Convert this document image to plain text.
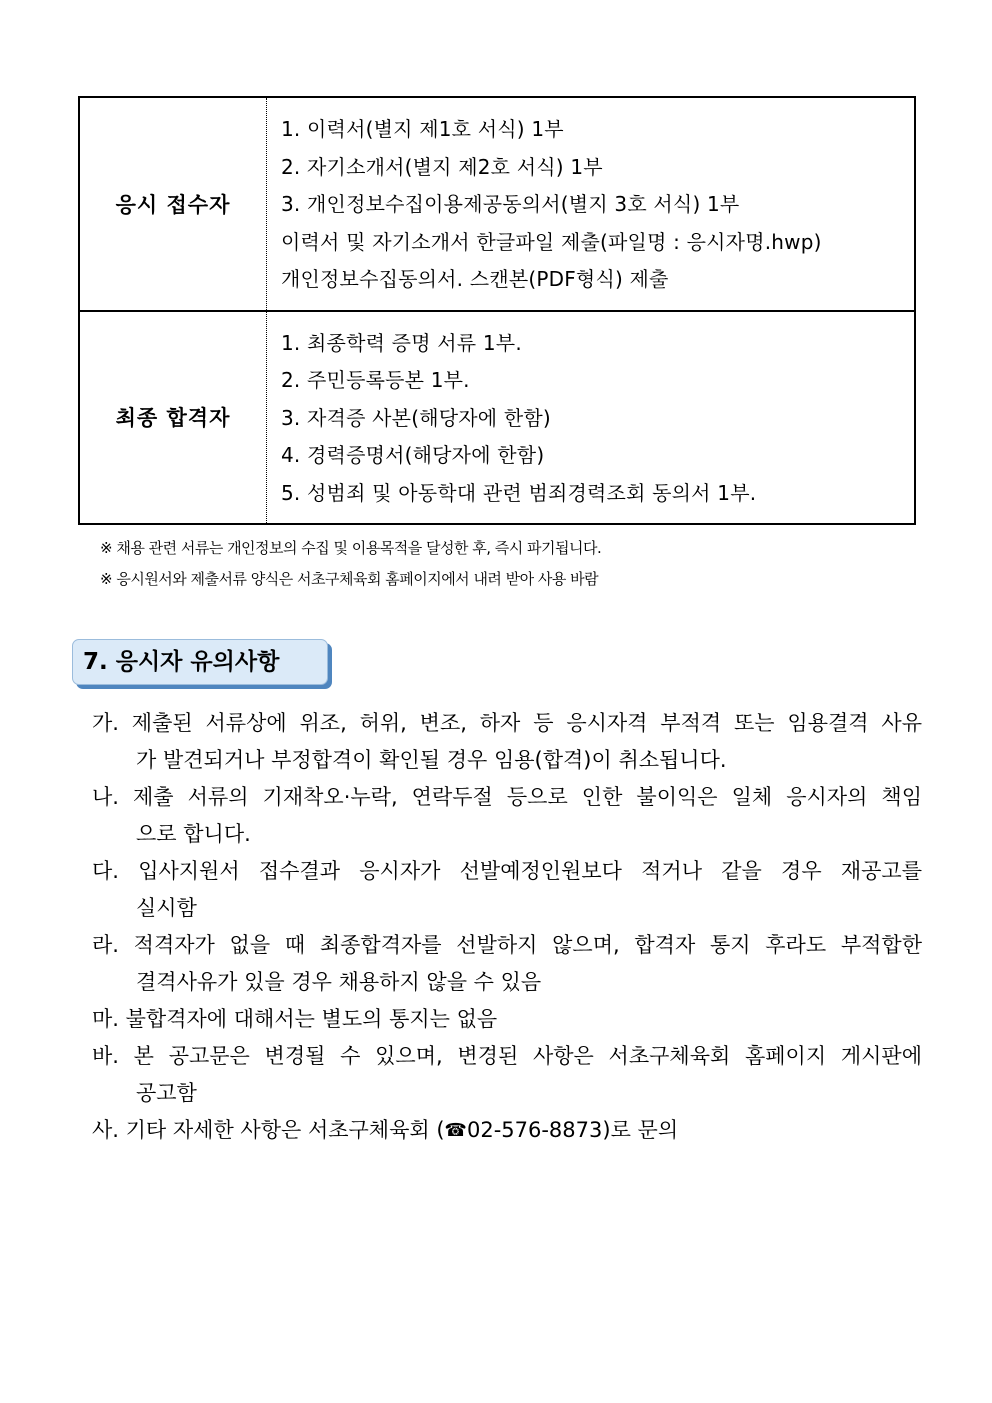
응시 접수자	1. 이력서(별지 제1호 서식) 1부
2. 자기소개서(별지 제2호 서식) 1부
3. 개인정보수집이용제공동의서(별지 3호 서식) 1부
이력서 및 자기소개서 한글파일 제출(파일명 : 응시자명.hwp)
개인정보수집동의서. 스캔본(PDF형식) 제출

최종 합격자	1. 최종학력 증명 서류 1부.
2. 주민등록등본 1부.
3. 자격증 사본(해당자에 한함)
4. 경력증명서(해당자에 한함)
5. 성범죄 및 아동학대 관련 범죄경력조회 동의서 1부.
※ 채용 관련 서류는 개인정보의 수집 및 이용목적을 달성한 후, 즉시 파기됩니다.
※ 응시원서와 제출서류 양식은 서초구체육회 홈페이지에서 내려 받아 사용 바람
7. 응시자 유의사항
가. 제출된 서류상에 위조, 허위, 변조, 하자 등 응시자격 부적격 또는 임용결격 사유
가 발견되거나 부정합격이 확인될 경우 임용(합격)이 취소됩니다.
나. 제출 서류의 기재착오·누락, 연락두절 등으로 인한 불이익은 일체 응시자의 책임
으로 합니다.
다. 입사지원서 접수결과 응시자가 선발예정인원보다 적거나 같을 경우 재공고를
실시함
라. 적격자가 없을 때 최종합격자를 선발하지 않으며, 합격자 통지 후라도 부적합한
결격사유가 있을 경우 채용하지 않을 수 있음
마. 불합격자에 대해서는 별도의 통지는 없음
바. 본 공고문은 변경될 수 있으며, 변경된 사항은 서초구체육회 홈페이지 게시판에
공고함
사. 기타 자세한 사항은 서초구체육회 (☎02-576-8873)로 문의
